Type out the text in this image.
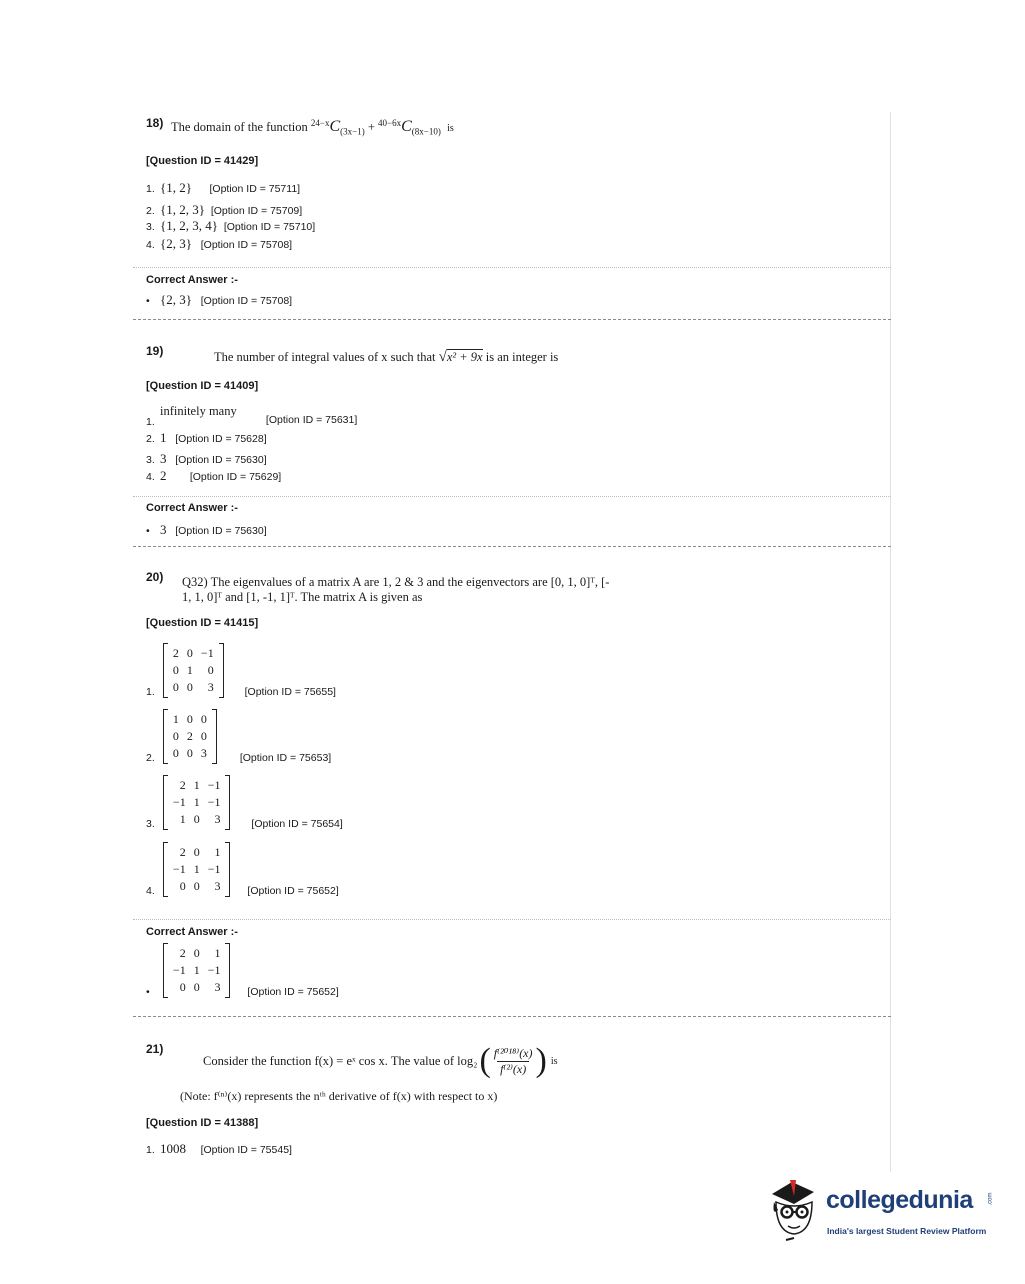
18) The domain of the function $^{24-x}C_{(3x-1)} + ^{40-6x}C_{(8x-10)}$ is
[Question ID = 41429]
1. {1, 2} [Option ID = 75711]
2. {1, 2, 3} [Option ID = 75709]
3. {1, 2, 3, 4} [Option ID = 75710]
4. {2, 3} [Option ID = 75708]
Correct Answer :-
• {2, 3} [Option ID = 75708]
19)	The number of integral values of x such that √x² + 9x is an integer is
[Question ID = 41409]
1.infinitely many          [Option ID = 75631]
2. 1 [Option ID = 75628]
3. 3 [Option ID = 75630]
4. 2 [Option ID = 75629]
Correct Answer :-
• 3 [Option ID = 75630]
20) Q32) The eigenvalues of a matrix A are 1, 2 & 3 and the eigenvectors are [0, 1, 0]ᵀ, [-
1, 1, 0]ᵀ and [1, -1, 1]ᵀ. The matrix A is given as
[Question ID = 41415]
1.
2	0	−1
0	1	0
0	0	3	[Option ID = 75655]
2.
1	0	0
0	2	0
0	0	3	[Option ID = 75653]
3.
2	1	−1
−1	1	−1
1	0	3	[Option ID = 75654]
4.
2	0	1
−1	1	−1
0	0	3	[Option ID = 75652]
Correct Answer :-
•
2	0	1
−1	1	−1
0	0	3	[Option ID = 75652]
21)
Consider the function f(x) = eˣ cos x. The value of log₂ ( $\frac{\text{f⁽²⁰¹⁸⁾(x)}}{\text{f⁽²⁾(x)}}$ ) is
(Note: f⁽ⁿ⁾(x) represents the nᵗʰ derivative of f(x) with respect to x)
[Question ID = 41388]
1. 1008 [Option ID = 75545]
collegedunia .com
India's largest Student Review Platform
